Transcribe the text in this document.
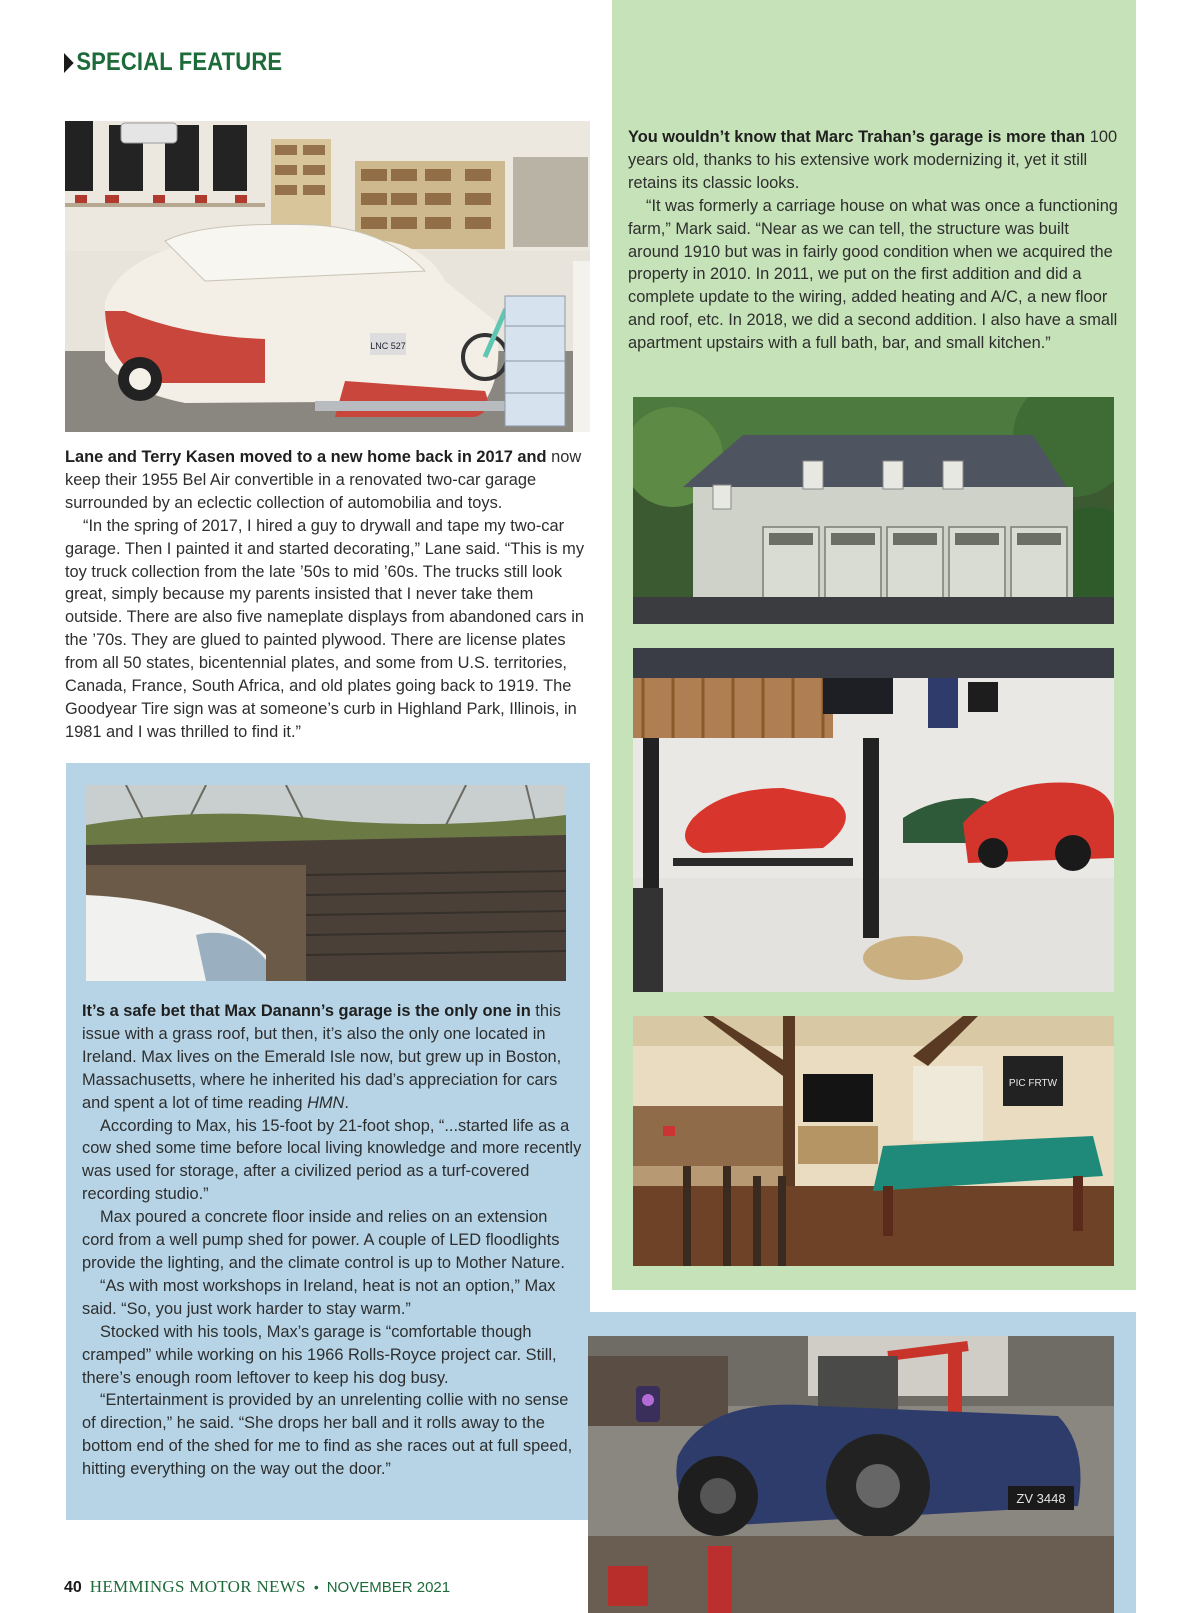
SPECIAL FEATURE
LNC 527

Lane and Terry Kasen moved to a new home back in 2017 and now keep their 1955 Bel Air convertible in a renovated two-car garage surrounded by an eclectic collection of automobilia and toys.

“In the spring of 2017, I hired a guy to drywall and tape my two-car garage. Then I painted it and started decorating,” Lane said. “This is my toy truck collection from the late ’50s to mid ’60s. The trucks still look great, simply because my parents insisted that I never take them outside. There are also five nameplate displays from abandoned cars in the ’70s. They are glued to painted plywood. There are license plates from all 50 states, bicentennial plates, and some from U.S. territories, Canada, France, South Africa, and old plates going back to 1919. The Goodyear Tire sign was at someone’s curb in Highland Park, Illinois, in 1981 and I was thrilled to find it.”

You wouldn’t know that Marc Trahan’s garage is more than 100 years old, thanks to his extensive work modernizing it, yet it still retains its classic looks.

“It was formerly a carriage house on what was once a functioning farm,” Mark said. “Near as we can tell, the structure was built around 1910 but was in fairly good condition when we acquired the property in 2010. In 2011, we put on the first addition and did a complete update to the wiring, added heating and A/C, a new floor and roof, etc. In 2018, we did a second addition. I also have a small apartment upstairs with a full bath, bar, and small kitchen.”

PIC FRTW

It’s a safe bet that Max Danann’s garage is the only one in this issue with a grass roof, but then, it’s also the only one located in Ireland. Max lives on the Emerald Isle now, but grew up in Boston, Massachusetts, where he inherited his dad’s appreciation for cars and spent a lot of time reading HMN.

According to Max, his 15-foot by 21-foot shop, “...started life as a cow shed some time before local living knowledge and more recently was used for storage, after a civilized period as a turf-covered recording studio.”

Max poured a concrete floor inside and relies on an extension cord from a well pump shed for power. A couple of LED floodlights provide the lighting, and the climate control is up to Mother Nature.

“As with most workshops in Ireland, heat is not an option,” Max said. “So, you just work harder to stay warm.”

Stocked with his tools, Max’s garage is “comfortable though cramped” while working on his 1966 Rolls-Royce project car. Still, there’s enough room leftover to keep his dog busy.

“Entertainment is provided by an unrelenting collie with no sense of direction,” he said. “She drops her ball and it rolls away to the bottom end of the shed for me to find as she races out at full speed, hitting everything on the way out the door.”

ZV 3448
40 HEMMINGS MOTOR NEWS • NOVEMBER 2021
